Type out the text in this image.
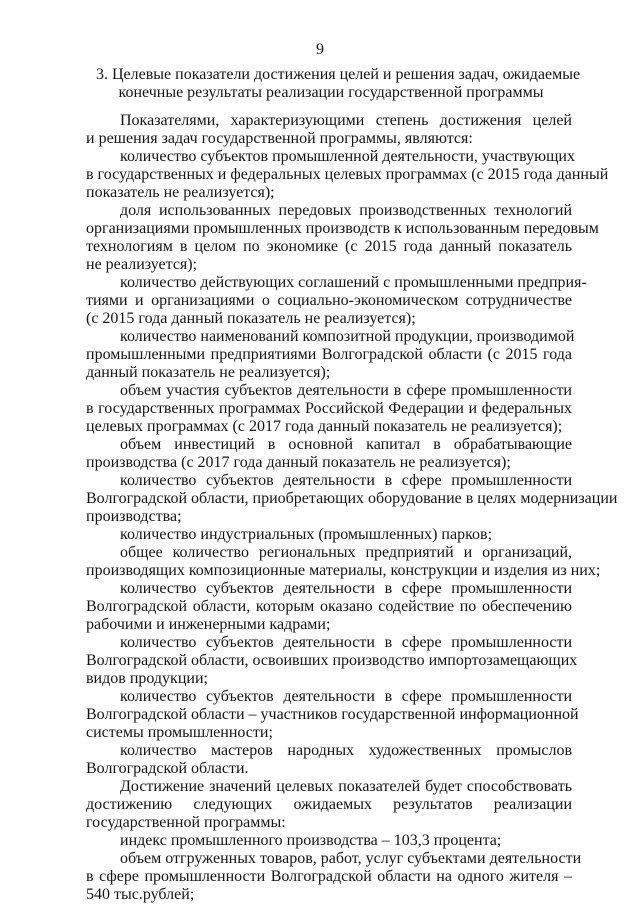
9
3. Целевые показатели достижения целей и решения задач, ожидаемые
конечные результаты реализации государственной программы
Показателями, характеризующими степень достижения целей
и решения задач государственной программы, являются:
количество субъектов промышленной деятельности, участвующих
в государственных и федеральных целевых программах (с 2015 года данный
показатель не реализуется);
доля использованных передовых производственных технологий
организациями промышленных производств к использованным передовым
технологиям в целом по экономике (с 2015 года данный показатель
не реализуется);
количество действующих соглашений с промышленными предприя-
тиями и организациями о социально-экономическом сотрудничестве
(с 2015 года данный показатель не реализуется);
количество наименований композитной продукции, производимой
промышленными предприятиями Волгоградской области (с 2015 года
данный показатель не реализуется);
объем участия субъектов деятельности в сфере промышленности
в государственных программах Российской Федерации и федеральных
целевых программах (с 2017 года данный показатель не реализуется);
объем инвестиций в основной капитал в обрабатывающие
производства (с 2017 года данный показатель не реализуется);
количество субъектов деятельности в сфере промышленности
Волгоградской области, приобретающих оборудование в целях модернизации
производства;
количество индустриальных (промышленных) парков;
общее количество региональных предприятий и организаций,
производящих композиционные материалы, конструкции и изделия из них;
количество субъектов деятельности в сфере промышленности
Волгоградской области, которым оказано содействие по обеспечению
рабочими и инженерными кадрами;
количество субъектов деятельности в сфере промышленности
Волгоградской области, освоивших производство импортозамещающих
видов продукции;
количество субъектов деятельности в сфере промышленности
Волгоградской области – участников государственной информационной
системы промышленности;
количество мастеров народных художественных промыслов
Волгоградской области.
Достижение значений целевых показателей будет способствовать
достижению следующих ожидаемых результатов реализации
государственной программы:
индекс промышленного производства – 103,3 процента;
объем отгруженных товаров, работ, услуг субъектами деятельности
в сфере промышленности Волгоградской области на одного жителя –
540 тыс.рублей;
